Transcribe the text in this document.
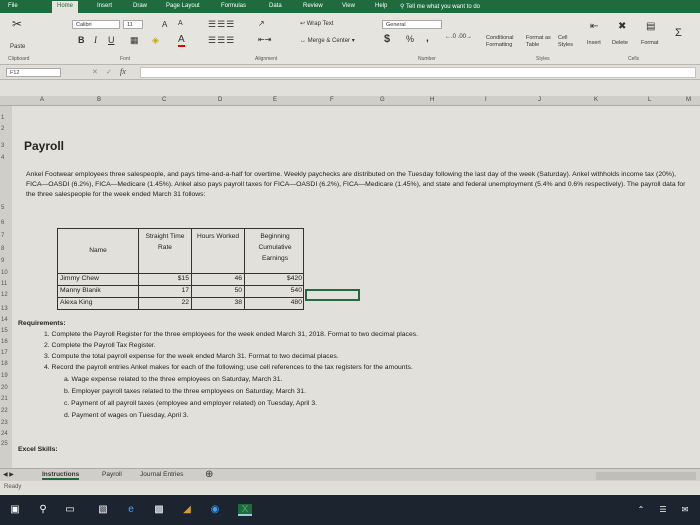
File	Home	Insert	Draw	Page Layout	Formulas	Data	Review	View	Help ⚲ Tell me what you want to do
✂
Paste
Calibri	11	A A
B I U ▦ ◈ A
☰☰☰
☰☰☰
↗
⇤⇥
↩ Wrap Text
↔ Merge & Center ▾
General
$ % ,	←.0 .00→	Conditional Formatting
Format as Table
Cell Styles
⇤ ✖ ▤
Insert Delete Format
Σ
Clipboard	Font	Alignment	Number	Styles	Cells
F12	✕ ✓ fx
A	B	C	D	E	F	G	H	I	J	K	L	M
1
2
3
4
5
6
7
8
9
10
11
12
13
14
15
16
17
18
19
20
21
22
23
24
25
Payroll
Ankel Footwear employees three salespeople, and pays time-and-a-half for overtime. Weekly paychecks are distributed on the Tuesday following the last day of the week (Saturday). Ankel withholds income tax (20%), FICA—OASDI (6.2%), FICA—Medicare (1.45%). Ankel also pays payroll taxes for FICA—OASDI (6.2%), FICA—Medicare (1.45%), and state and federal unemployment (5.4% and 0.6% respectively). The payroll data for the three salespeople for the week ended March 31 follows:
Name
Straight Time Rate
Hours Worked	Beginning Cumulative Earnings
Jimmy Chew	$15	46	$420
Manny Blanik	17	50	540
Alexa King	22	38	480
Requirements:
1. Complete the Payroll Register for the three employees for the week ended March 31, 2018. Format to two decimal places.
2. Complete the Payroll Tax Register.
3. Compute the total payroll expense for the week ended March 31. Format to two decimal places.
4. Record the payroll entries Ankel makes for each of the following; use cell references to the tax registers for the amounts.
a. Wage expense related to the three employees on Saturday, March 31.
b. Employer payroll taxes related to the three employees on Saturday, March 31.
c. Payment of all payroll taxes (employee and employer related) on Tuesday, April 3.
d. Payment of wages on Tuesday, April 3.
Excel Skills:
◀ ▶	Instructions	Payroll	Journal Entries ⊕
Ready
▣	⚲	▭ ▧	e	▩	◢	◉	X	⌃	☰	✉
